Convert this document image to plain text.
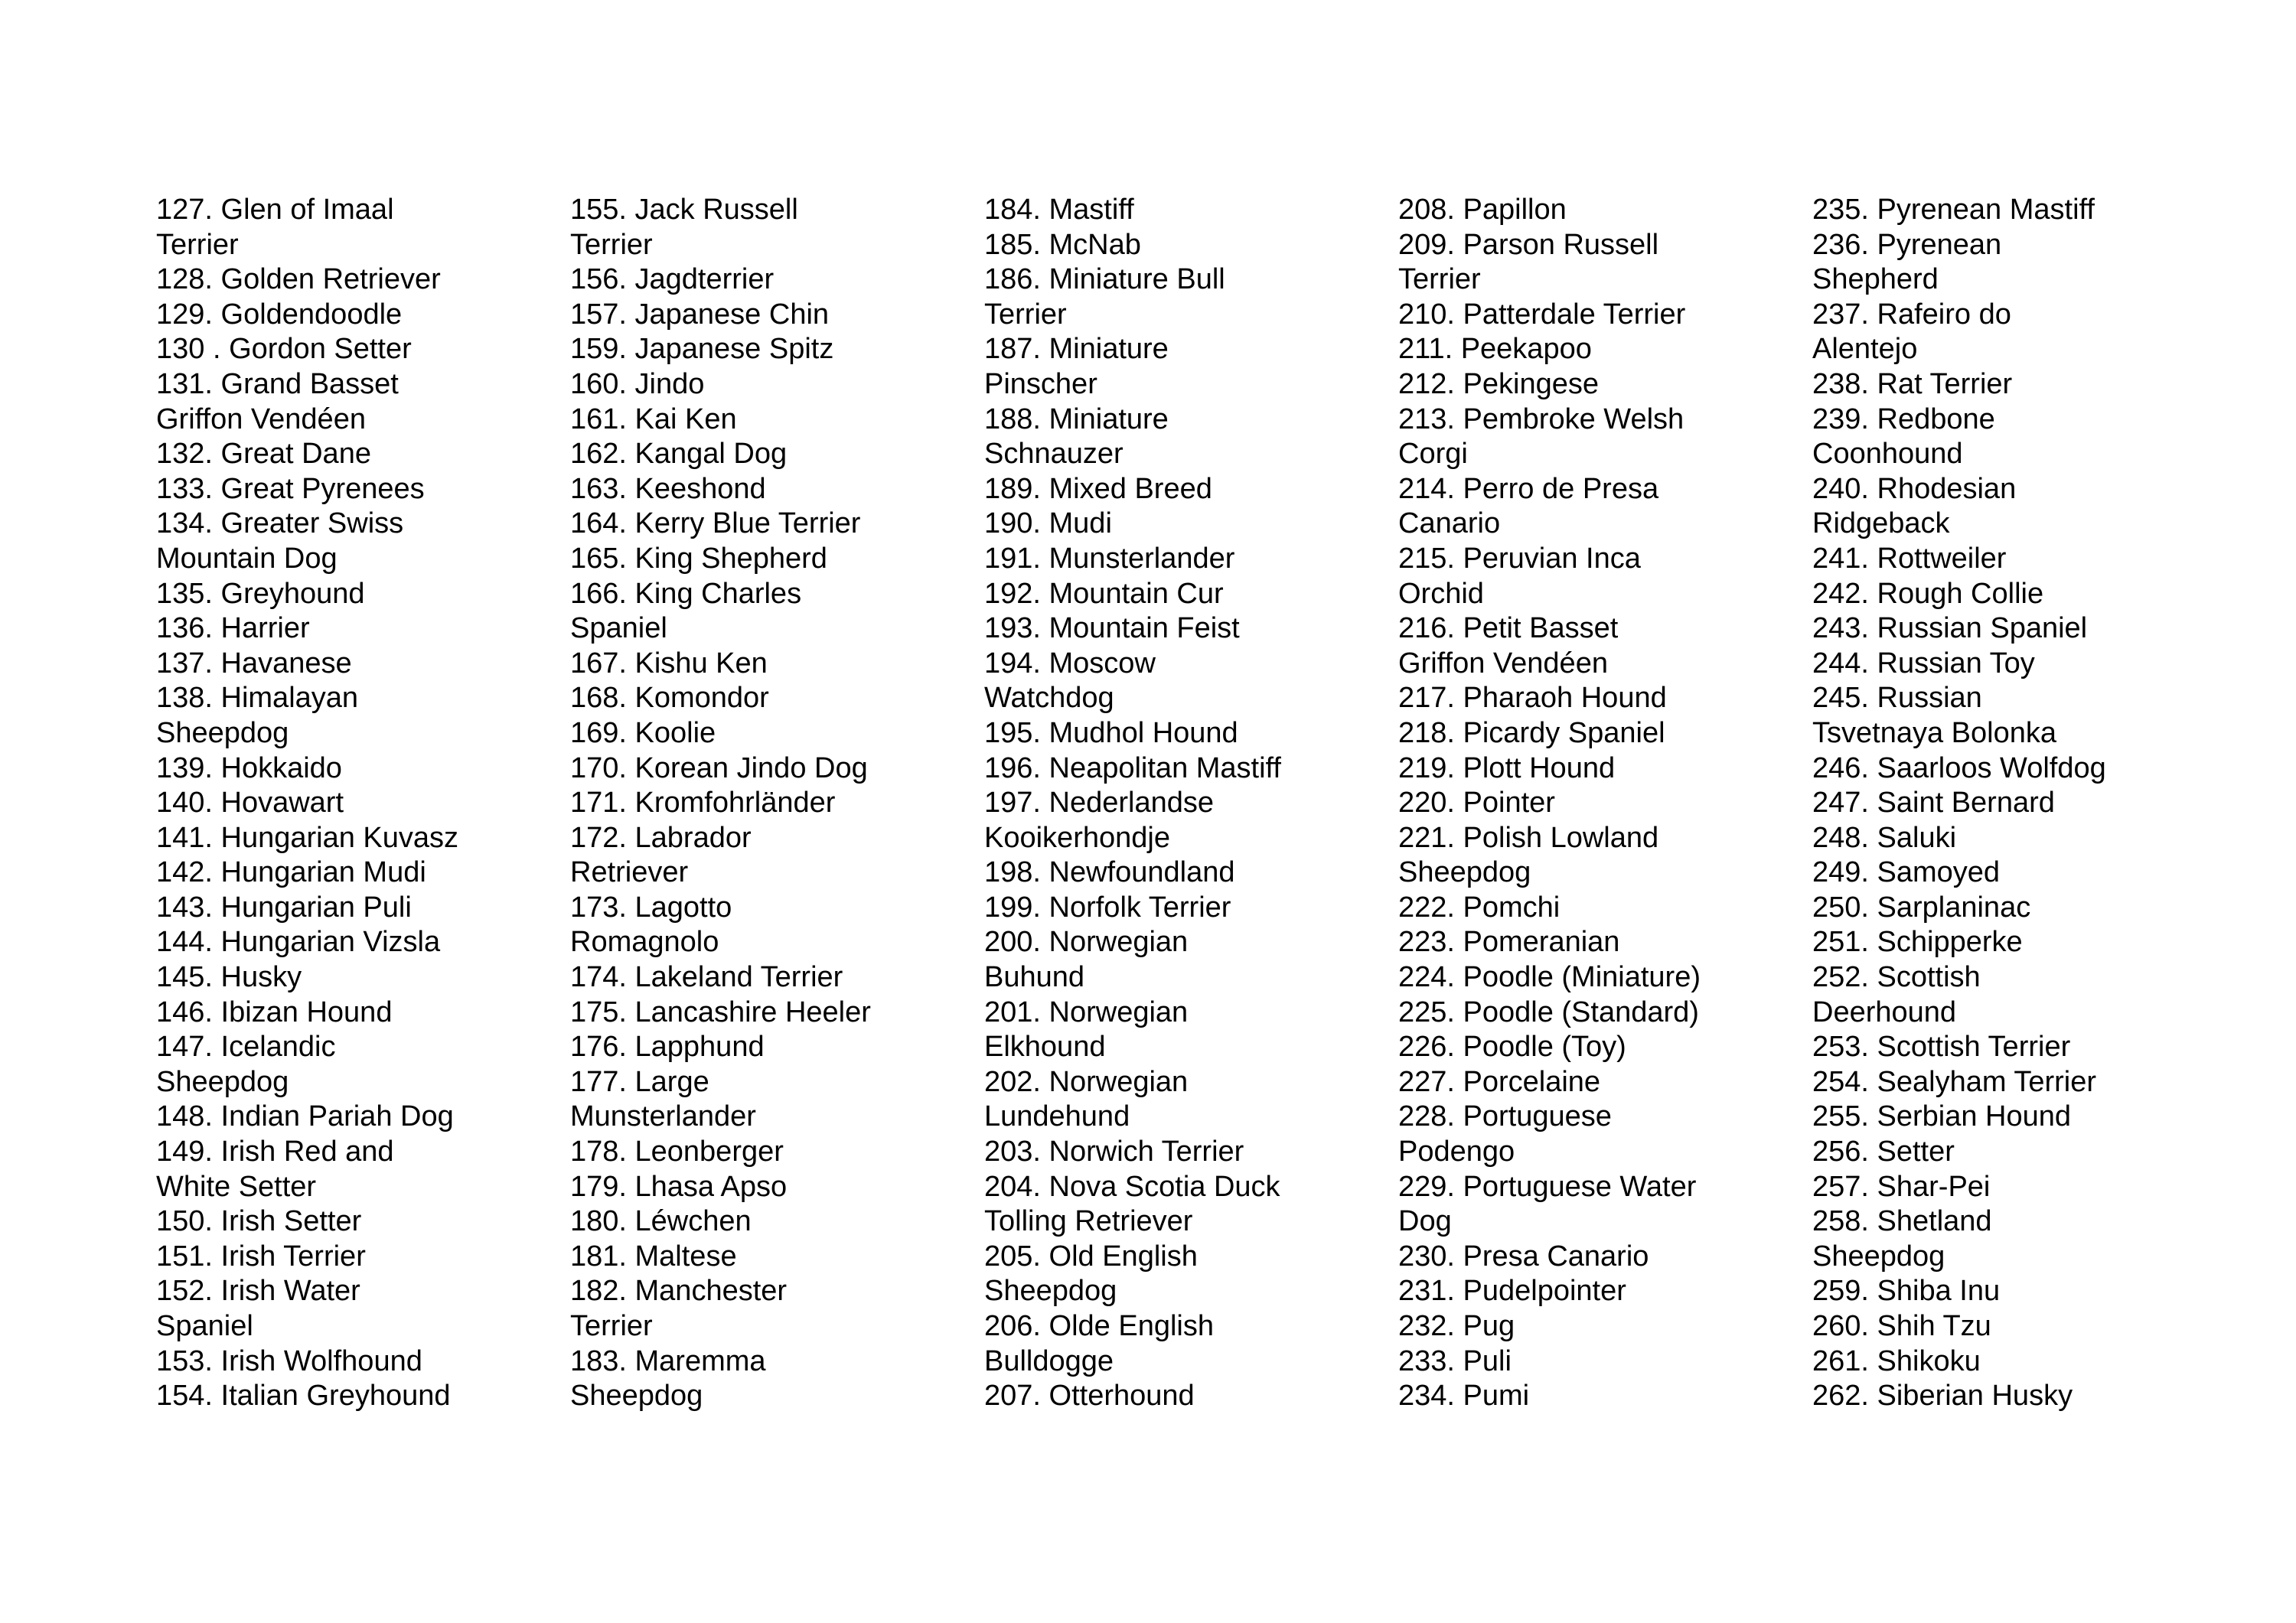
127. Glen of Imaal
Terrier
128. Golden Retriever
129. Goldendoodle
130 . Gordon Setter
131. Grand Basset
Griffon Vendéen
132. Great Dane
133. Great Pyrenees
134. Greater Swiss
Mountain Dog
135. Greyhound
136. Harrier
137. Havanese
138. Himalayan
Sheepdog
139. Hokkaido
140. Hovawart
141. Hungarian Kuvasz
142. Hungarian Mudi
143. Hungarian Puli
144. Hungarian Vizsla
145. Husky
146. Ibizan Hound
147. Icelandic
Sheepdog
148. Indian Pariah Dog
149. Irish Red and
White Setter
150. Irish Setter
151. Irish Terrier
152. Irish Water
Spaniel
153. Irish Wolfhound
154. Italian Greyhound
155. Jack Russell
Terrier
156. Jagdterrier
157. Japanese Chin
159. Japanese Spitz
160. Jindo
161. Kai Ken
162. Kangal Dog
163. Keeshond
164. Kerry Blue Terrier
165. King Shepherd
166. King Charles
Spaniel
167. Kishu Ken
168. Komondor
169. Koolie
170. Korean Jindo Dog
171. Kromfohrländer
172. Labrador
Retriever
173. Lagotto
Romagnolo
174. Lakeland Terrier
175. Lancashire Heeler
176. Lapphund
177. Large
Munsterlander
178. Leonberger
179. Lhasa Apso
180. Léwchen
181. Maltese
182. Manchester
Terrier
183. Maremma
Sheepdog
184. Mastiff
185. McNab
186. Miniature Bull
Terrier
187. Miniature
Pinscher
188. Miniature
Schnauzer
189. Mixed Breed
190. Mudi
191. Munsterlander
192. Mountain Cur
193. Mountain Feist
194. Moscow
Watchdog
195. Mudhol Hound
196. Neapolitan Mastiff
197. Nederlandse
Kooikerhondje
198. Newfoundland
199. Norfolk Terrier
200. Norwegian
Buhund
201. Norwegian
Elkhound
202. Norwegian
Lundehund
203. Norwich Terrier
204. Nova Scotia Duck
Tolling Retriever
205. Old English
Sheepdog
206. Olde English
Bulldogge
207. Otterhound
208. Papillon
209. Parson Russell
Terrier
210. Patterdale Terrier
211. Peekapoo
212. Pekingese
213. Pembroke Welsh
Corgi
214. Perro de Presa
Canario
215. Peruvian Inca
Orchid
216. Petit Basset
Griffon Vendéen
217. Pharaoh Hound
218. Picardy Spaniel
219. Plott Hound
220. Pointer
221. Polish Lowland
Sheepdog
222. Pomchi
223. Pomeranian
224. Poodle (Miniature)
225. Poodle (Standard)
226. Poodle (Toy)
227. Porcelaine
228. Portuguese
Podengo
229. Portuguese Water
Dog
230. Presa Canario
231. Pudelpointer
232. Pug
233. Puli
234. Pumi
235. Pyrenean Mastiff
236. Pyrenean
Shepherd
237. Rafeiro do
Alentejo
238. Rat Terrier
239. Redbone
Coonhound
240. Rhodesian
Ridgeback
241. Rottweiler
242. Rough Collie
243. Russian Spaniel
244. Russian Toy
245. Russian
Tsvetnaya Bolonka
246. Saarloos Wolfdog
247. Saint Bernard
248. Saluki
249. Samoyed
250. Sarplaninac
251. Schipperke
252. Scottish
Deerhound
253. Scottish Terrier
254. Sealyham Terrier
255. Serbian Hound
256. Setter
257. Shar-Pei
258. Shetland
Sheepdog
259. Shiba Inu
260. Shih Tzu
261. Shikoku
262. Siberian Husky
